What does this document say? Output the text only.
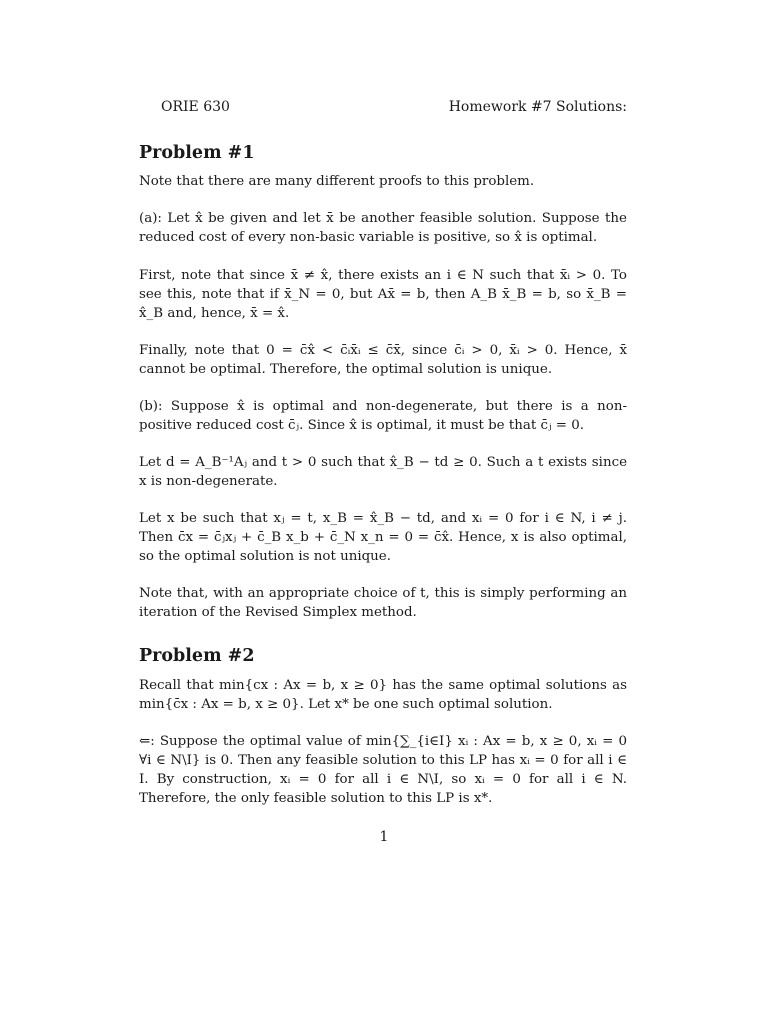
ORIE 630	Homework #7 Solutions:
Problem #1

Note that there are many different proofs to this problem.

(a): Let x̂ be given and let x̄ be another feasible solution. Suppose the reduced cost of every non-basic variable is positive, so x̂ is optimal.

First, note that since x̄ ≠ x̂, there exists an i ∈ N such that x̄ᵢ > 0. To see this, note that if x̄_N = 0, but Ax̄ = b, then A_B x̄_B = b, so x̄_B = x̂_B and, hence, x̄ = x̂.

Finally, note that 0 = c̄x̂ < c̄ᵢx̄ᵢ ≤ c̄x̄, since c̄ᵢ > 0, x̄ᵢ > 0. Hence, x̄ cannot be optimal. Therefore, the optimal solution is unique.

(b): Suppose x̂ is optimal and non-degenerate, but there is a non-positive reduced cost c̄ⱼ. Since x̂ is optimal, it must be that c̄ⱼ = 0.

Let d = A_B⁻¹Aⱼ and t > 0 such that x̂_B − td ≥ 0. Such a t exists since x is non-degenerate.

Let x be such that xⱼ = t, x_B = x̂_B − td, and xᵢ = 0 for i ∈ N, i ≠ j. Then c̄x = c̄ⱼxⱼ + c̄_B x_b + c̄_N x_n = 0 = c̄x̂. Hence, x is also optimal, so the optimal solution is not unique.

Note that, with an appropriate choice of t, this is simply performing an iteration of the Revised Simplex method.

Problem #2

Recall that min{cx : Ax = b, x ≥ 0} has the same optimal solutions as min{c̄x : Ax = b, x ≥ 0}. Let x* be one such optimal solution.

⇐: Suppose the optimal value of min{∑_{i∈I} xᵢ : Ax = b, x ≥ 0, xᵢ = 0 ∀i ∈ N\I} is 0. Then any feasible solution to this LP has xᵢ = 0 for all i ∈ I. By construction, xᵢ = 0 for all i ∈ N\I, so xᵢ = 0 for all i ∈ N. Therefore, the only feasible solution to this LP is x*.

1
